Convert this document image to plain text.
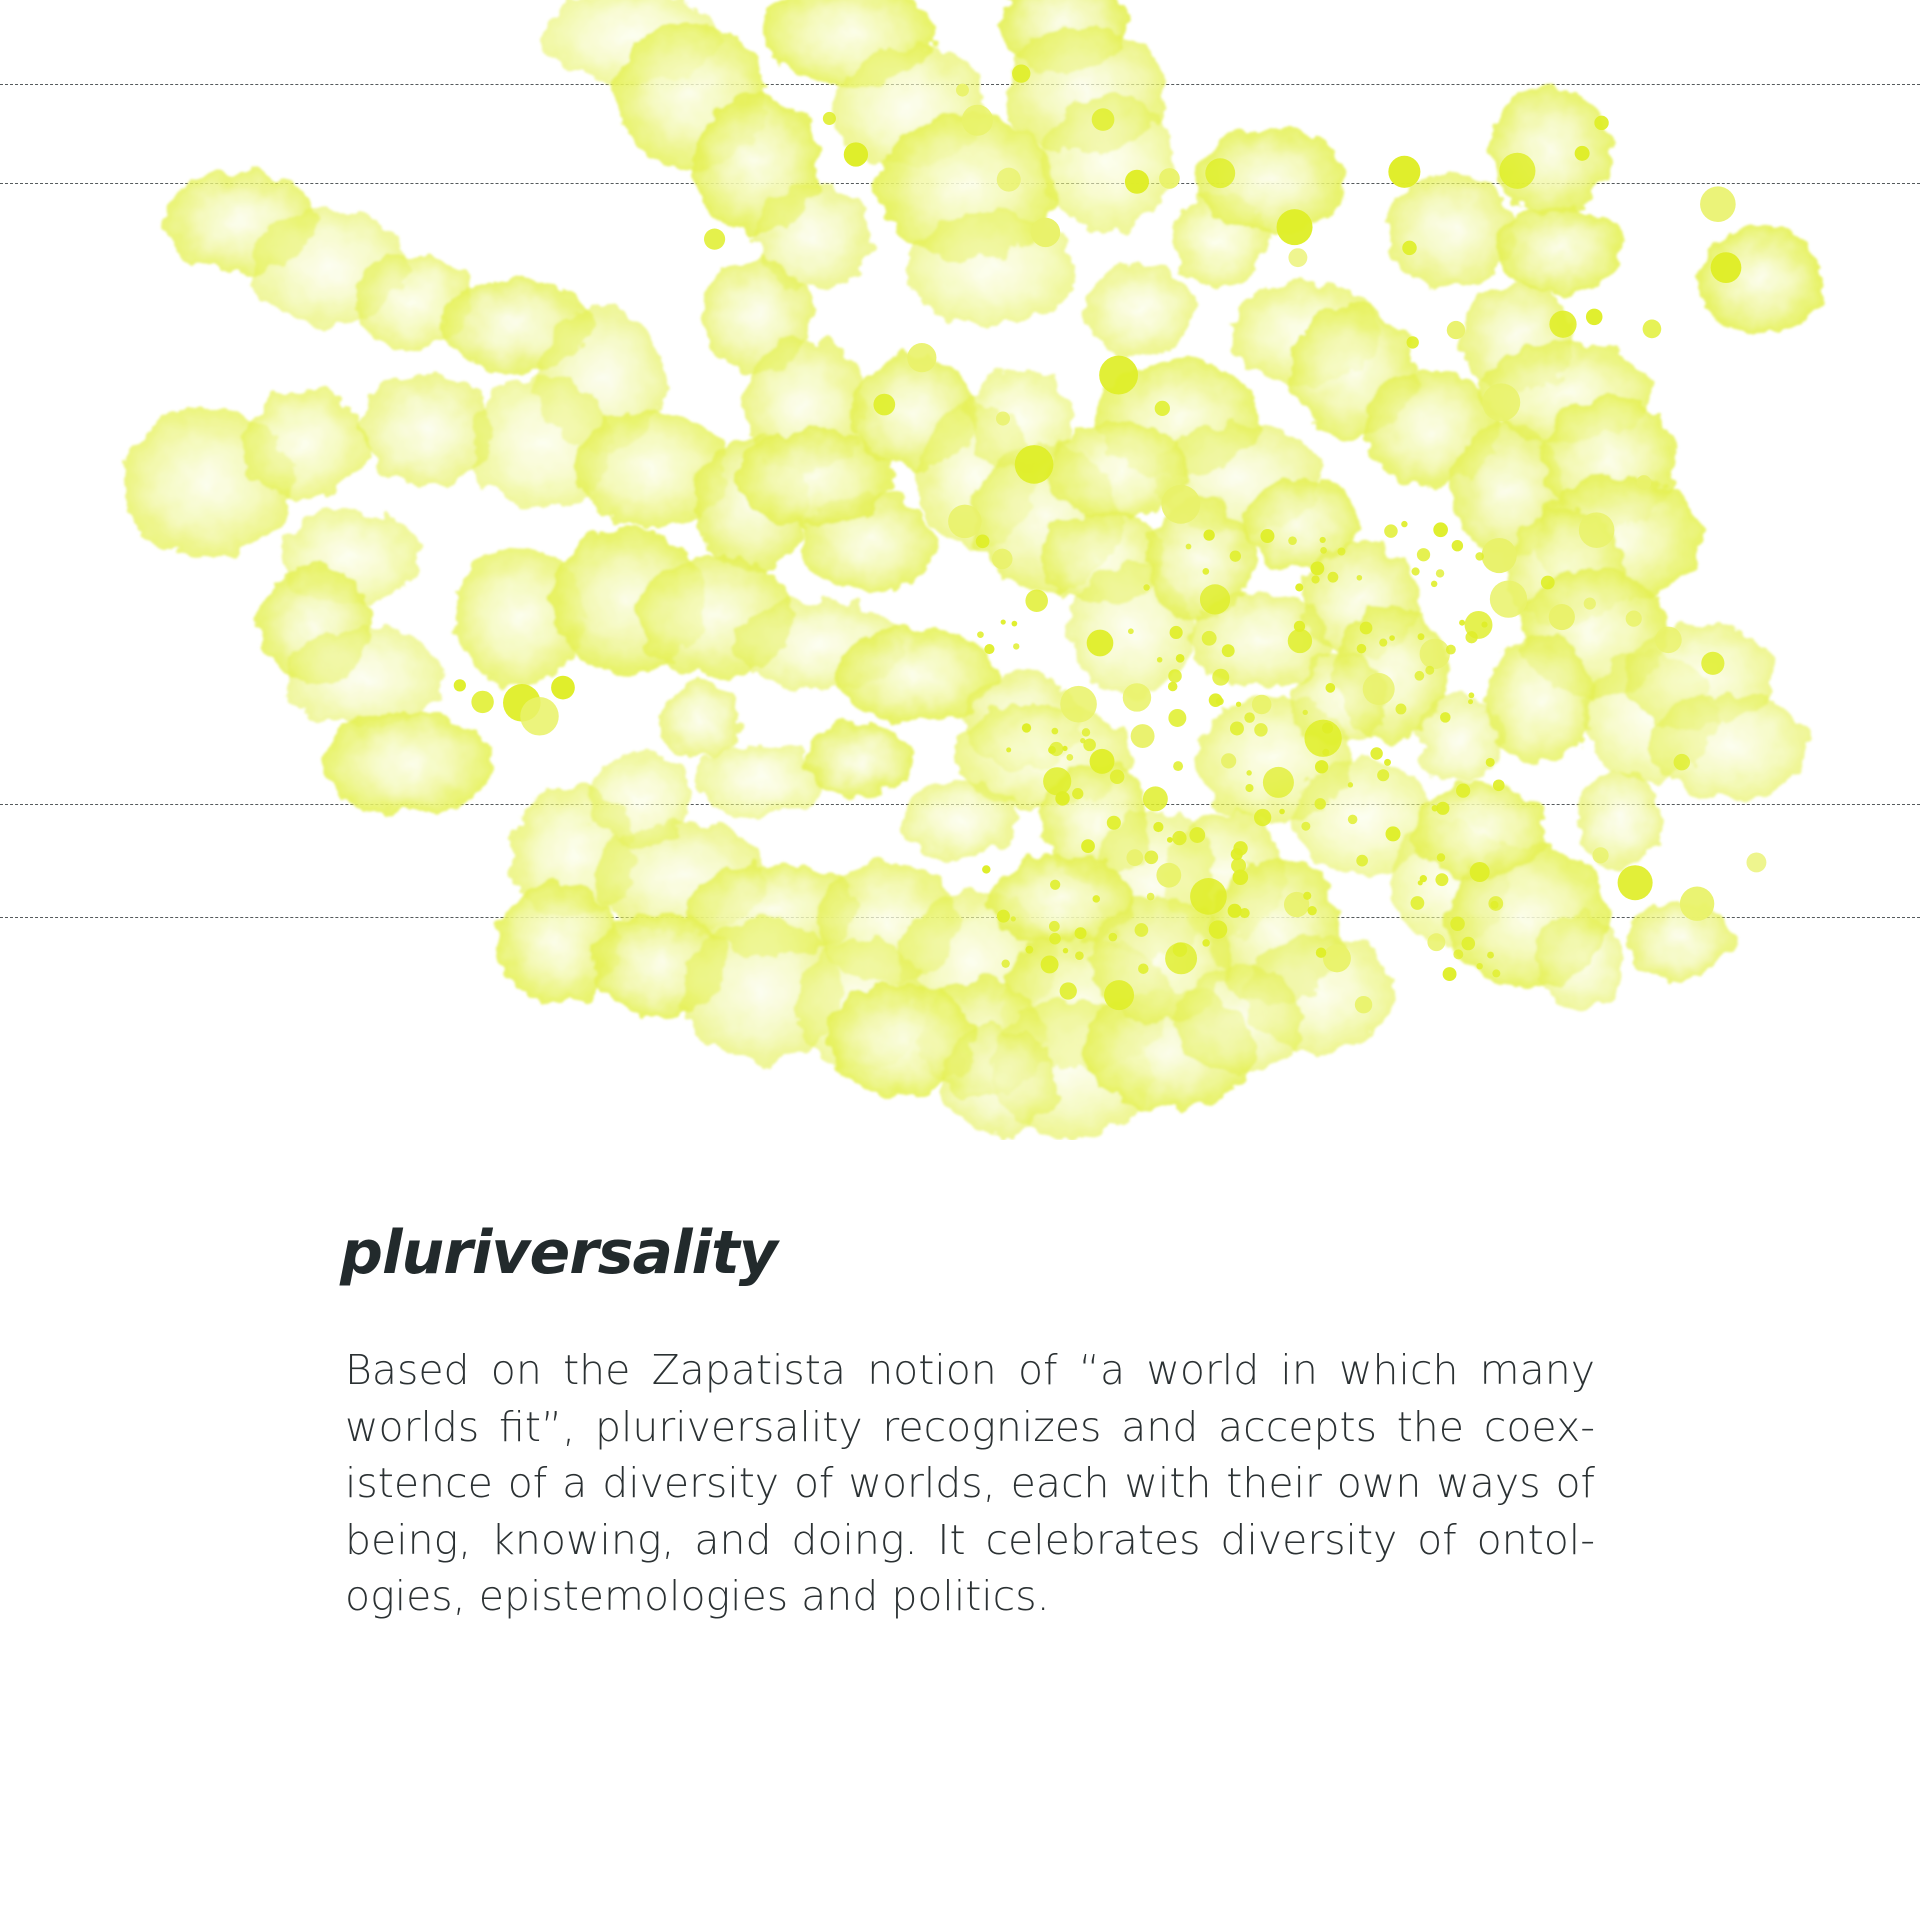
pluriversality

Based on the Zapatista notion of “a world in which many worlds fit”, pluriversality recognizes and accepts the coexistence of a diversity of worlds, each with their own ways of being, knowing, and doing. It celebrates diversity of ontologies, epistemologies and politics.
